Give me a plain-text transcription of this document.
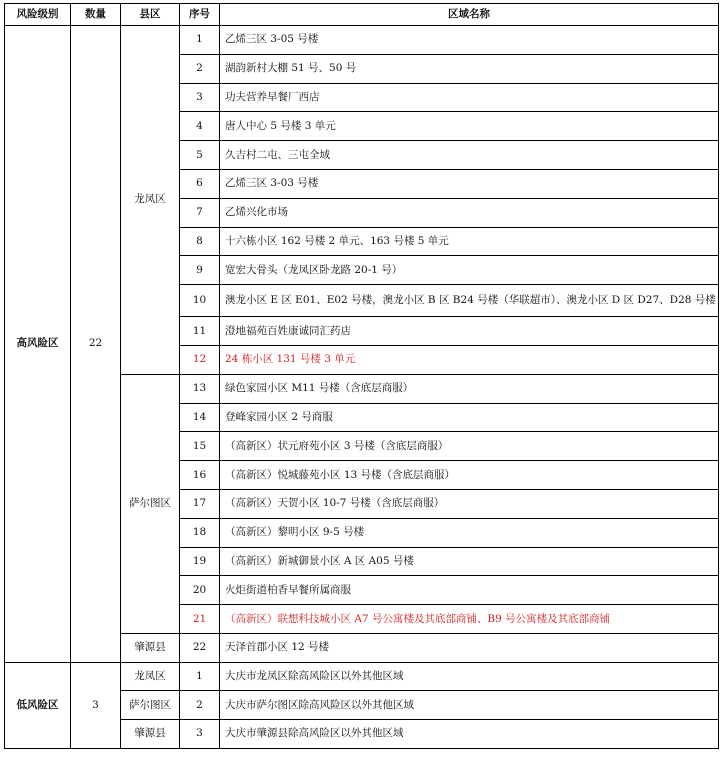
风险级别	数量	县区	序号	区域名称
高风险区	22	龙凤区	1	乙烯三区 3-05 号楼
			2	湖韵新村大棚 51 号、50 号
			3	功夫营养早餐厂西店
			4	唐人中心 5 号楼 3 单元
			5	久吉村二屯、三屯全域
			6	乙烯三区 3-03 号楼
			7	乙烯兴化市场
			8	十六栋小区 162 号楼 2 单元、163 号楼 5 单元
			9	宽宏大骨头（龙凤区卧龙路 20-1 号）
			10	澳龙小区 E 区 E01、E02 号楼，澳龙小区 B 区 B24 号楼（华联超市）、澳龙小区 D 区 D27、D28 号楼
			11	澄地福苑百姓康诚同汇药店
			12	24 栋小区 131 号楼 3 单元
		萨尔图区	13	绿色家园小区 M11 号楼（含底层商服）
			14	登峰家园小区 2 号商服
			15	（高新区）状元府苑小区 3 号楼（含底层商服）
			16	（高新区）悦城藤苑小区 13 号楼（含底层商服）
			17	（高新区）天贺小区 10-7 号楼（含底层商服）
			18	（高新区）黎明小区 9-5 号楼
			19	（高新区）新城御景小区 A 区 A05 号楼
			20	火炬街道柏香早餐所属商服
			21	（高新区）联想科技城小区 A7 号公寓楼及其底部商铺、B9 号公寓楼及其底部商铺
		肇源县	22	天泽首郡小区 12 号楼
低风险区	3	龙凤区	1	大庆市龙凤区除高风险区以外其他区域
		萨尔图区	2	大庆市萨尔图区除高风险区以外其他区域
		肇源县	3	大庆市肇源县除高风险区以外其他区域
